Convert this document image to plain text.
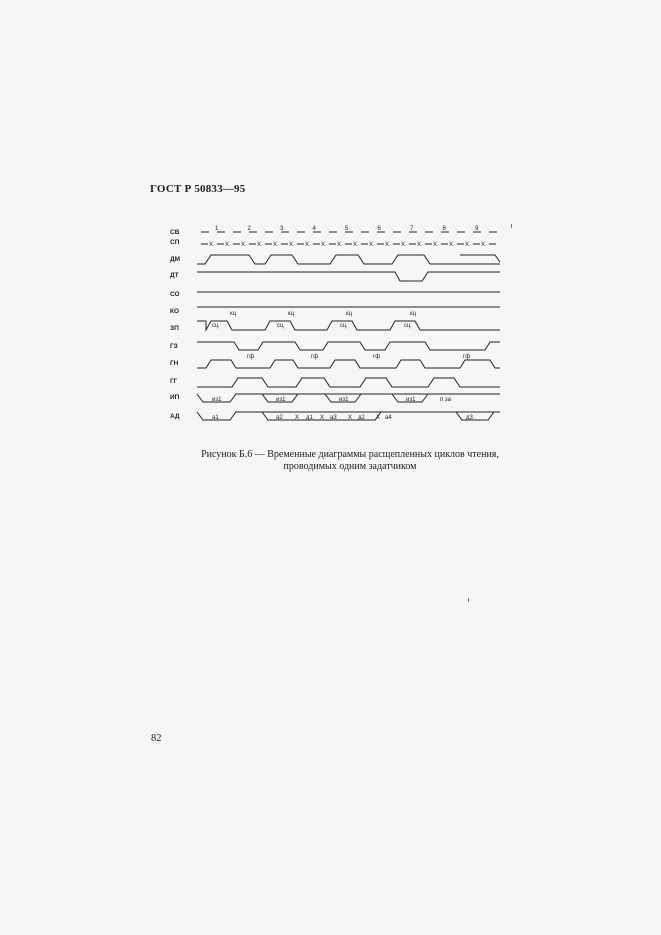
ГОСТ Р 50833—95
СВ
СП
ДМ
ДТ
СО
КО
ЗП
ГЗ
ГН
ГГ
ИП
АД
1	2	3	4	5	6	7	8	9
Х Х Х Х Х Х Х Х Х Х Х Х Х Х Х Х Х Х
кц	кц	кц	кц
сц	сц	сц	сц
гф	гф	гф	гф
из1	из1	из1	из1	п за
а1	а2 Х д1 Х а3 Х д2 Х а4	д3
Рисунок Б.6 — Временные диаграммы расщепленных циклов чтения,
проводимых одним задатчиком
82
